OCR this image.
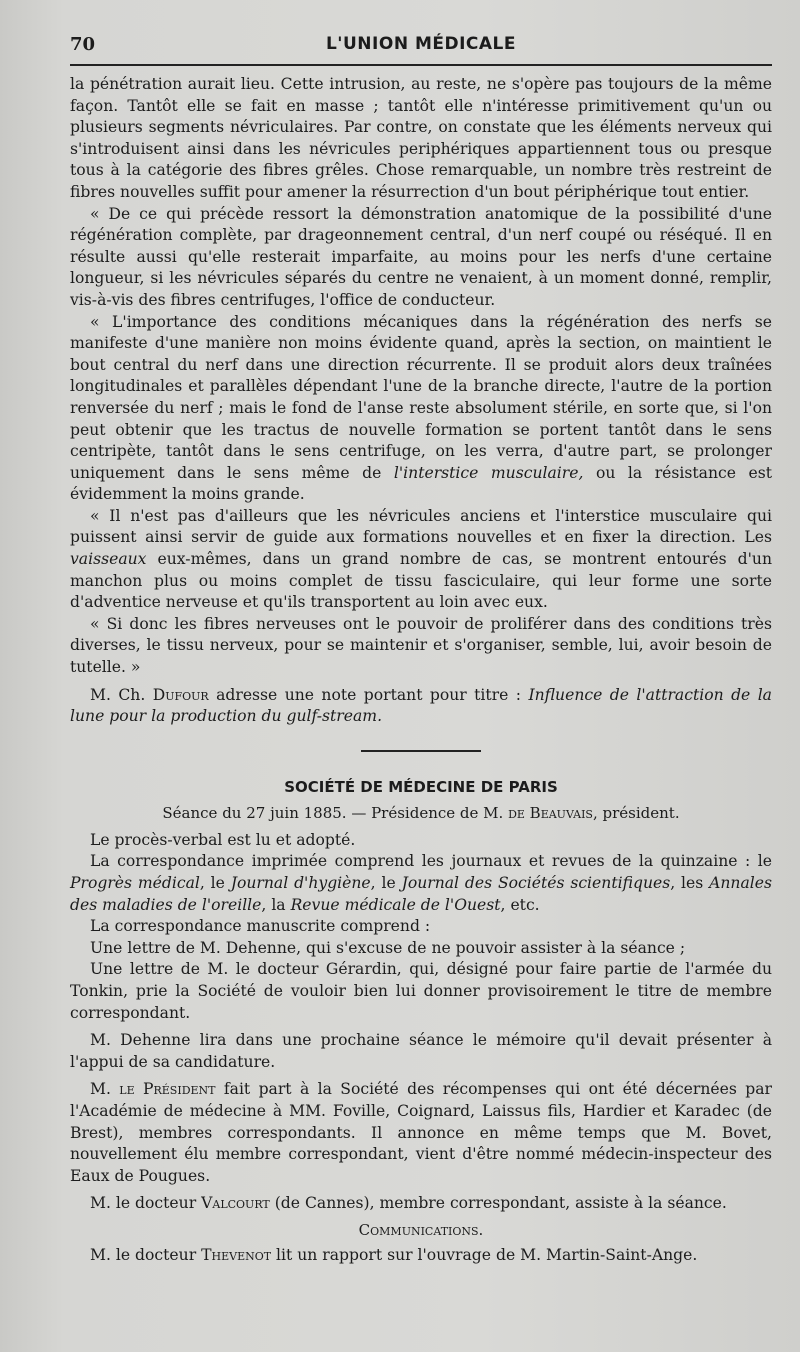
70	L'UNION MÉDICALE

la pénétration aurait lieu. Cette intrusion, au reste, ne s'opère pas toujours de la même façon. Tantôt elle se fait en masse ; tantôt elle n'intéresse primitivement qu'un ou plusieurs segments névriculaires. Par contre, on constate que les éléments nerveux qui s'introduisent ainsi dans les névricules periphériques appartiennent tous ou presque tous à la catégorie des fibres grêles. Chose remarquable, un nombre très restreint de fibres nouvelles suffit pour amener la résurrection d'un bout périphérique tout entier.

« De ce qui précède ressort la démonstration anatomique de la possibilité d'une régénération complète, par drageonnement central, d'un nerf coupé ou réséqué. Il en résulte aussi qu'elle resterait imparfaite, au moins pour les nerfs d'une certaine longueur, si les névricules séparés du centre ne venaient, à un moment donné, remplir, vis-à-vis des fibres centrifuges, l'office de conducteur.

« L'importance des conditions mécaniques dans la régénération des nerfs se manifeste d'une manière non moins évidente quand, après la section, on maintient le bout central du nerf dans une direction récurrente. Il se produit alors deux traînées longitudinales et parallèles dépendant l'une de la branche directe, l'autre de la portion renversée du nerf ; mais le fond de l'anse reste absolument stérile, en sorte que, si l'on peut obtenir que les tractus de nouvelle formation se portent tantôt dans le sens centripète, tantôt dans le sens centrifuge, on les verra, d'autre part, se prolonger uniquement dans le sens même de l'interstice musculaire, ou la résistance est évidemment la moins grande.

« Il n'est pas d'ailleurs que les névricules anciens et l'interstice musculaire qui puissent ainsi servir de guide aux formations nouvelles et en fixer la direction. Les vaisseaux eux-mêmes, dans un grand nombre de cas, se montrent entourés d'un manchon plus ou moins complet de tissu fasciculaire, qui leur forme une sorte d'adventice nerveuse et qu'ils transportent au loin avec eux.

« Si donc les fibres nerveuses ont le pouvoir de proliférer dans des conditions très diverses, le tissu nerveux, pour se maintenir et s'organiser, semble, lui, avoir besoin de tutelle. »

M. Ch. Dufour adresse une note portant pour titre : Influence de l'attraction de la lune pour la production du gulf-stream.

SOCIÉTÉ DE MÉDECINE DE PARIS
Séance du 27 juin 1885. — Présidence de M. de Beauvais, président.

Le procès-verbal est lu et adopté.

La correspondance imprimée comprend les journaux et revues de la quinzaine : le Progrès médical, le Journal d'hygiène, le Journal des Sociétés scientifiques, les Annales des maladies de l'oreille, la Revue médicale de l'Ouest, etc.

La correspondance manuscrite comprend :

Une lettre de M. Dehenne, qui s'excuse de ne pouvoir assister à la séance ;

Une lettre de M. le docteur Gérardin, qui, désigné pour faire partie de l'armée du Tonkin, prie la Société de vouloir bien lui donner provisoirement le titre de membre correspondant.

M. Dehenne lira dans une prochaine séance le mémoire qu'il devait présenter à l'appui de sa candidature.

M. le Président fait part à la Société des récompenses qui ont été décernées par l'Académie de médecine à MM. Foville, Coignard, Laissus fils, Hardier et Karadec (de Brest), membres correspondants. Il annonce en même temps que M. Bovet, nouvellement élu membre correspondant, vient d'être nommé médecin-inspecteur des Eaux de Pougues.

M. le docteur Valcourt (de Cannes), membre correspondant, assiste à la séance.

Communications.

M. le docteur Thevenot lit un rapport sur l'ouvrage de M. Martin-Saint-Ange.
